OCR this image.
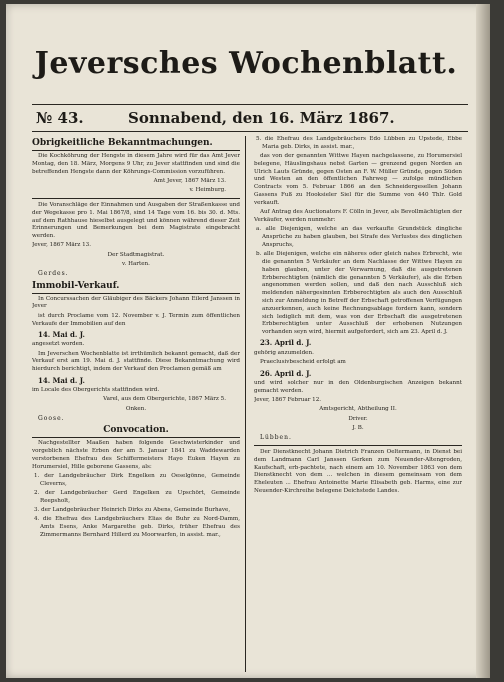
Jeversches Wochenblatt.
№ 43.	Sonnabend, den 16. März 1867.
Obrigkeitliche Bekanntmachungen.

Die Kochköhrung der Hengste in diesem Jahre wird für das Amt Jever Montag, den 18. März, Morgens 9 Uhr, zu Jever stattfinden und sind die betreffenden Hengste dann der Köhrungs-Commission vorzuführen.

Amt Jever, 1867 März 13.

v. Heimburg.

Die Voranschläge der Einnahmen und Ausgaben der Straßenkasse und der Wegekasse pro 1. Mai 1867/8, sind 14 Tage vom 16. bis 30. d. Mts. auf dem Rathhause hieselbst ausgelegt und können während dieser Zeit Erinnerungen und Bemerkungen bei dem Magistrate eingebracht werden.

Jever, 1867 März 13.

Der Stadtmagistrat.

v. Harten.

Gerdes.

Immobil-Verkauf.

In Concurssachen der Gläubiger des Bäckers Johann Eilerd Janssen in Jever

ist durch Proclame vom 12. November v. J. Termin zum öffentlichen Verkaufe der Immobilien auf den

14. Mai d. J.

angesetzt worden.

Im Jeverschen Wochenblatte ist irrthümlich bekannt gemacht, daß der Verkauf erst am 19. Mai d. J. stattfinde. Diese Bekanntmachung wird hierdurch berichtigt, indem der Verkauf den Proclamen gemäß am

14. Mai d. J.

im Locale des Obergerichts stattfinden wird.

Varel, aus dem Obergerichte, 1867 März 5.

Onken.

Goose.

Convocation.

Nachgestellter Maaßen haben folgende Geschwisterkinder und vorgeblich nächste Erben der am 5. Januar 1841 zu Waddewarden verstorbenen Ehefrau des Schiffermeisters Hayo Euken Hayen zu Horumersiel, Hille geborene Gassens, als:

1. der Landgebräucher Dirk Engelken zu Oeselgönne, Gemeinde Cleverns,

2. der Landgebräucher Gerd Engelken zu Upschört, Gemeinde Reepsholt,

3. der Landgebräucher Heinrich Dirks zu Abens, Gemeinde Burhave,

4. die Ehefrau des Landgebräuchers Elias de Buhr zu Nord-Damm, Amts Esens, Anke Margarethe geb. Dirks, früher Ehefrau des Zimmermanns Bernhard Hillerd zu Moorwarfen, in assist. mar.,

5. die Ehefrau des Landgebräuchers Edo Lübben zu Upstede, Ebbe Maria geb. Dirks, in assist. mar.,

das von der genannten Wittwe Hayen nachgelassene, zu Horumersiel belegene, Häuslingshaus nebst Garten — grenzend gegen Norden an Ulrich Lauts Gründe, gegen Osten an F. W. Müller Gründe, gegen Süden und Westen an den öffentlichen Fahrweg — zufolge mündlichen Contracts vom 5. Februar 1866 an den Schneidergesellen Johann Gassens Fuß zu Hooksieler Siel für die Summe von 440 Thlr. Gold verkauft.

Auf Antrag des Auctionators F. Cölln in Jever, als Bevollmächtigten der Verkäufer, werden nunmehr:

a. alle Diejenigen, welche an das verkaufte Grundstück dingliche Ansprüche zu haben glauben, bei Strafe des Verlustes des dinglichen Anspruchs,

b. alle Diejenigen, welche ein näheres oder gleich nahes Erbrecht, wie die genannten 5 Verkäufer an dem Nachlasse der Wittwe Hayen zu haben glauben, unter der Verwarnung, daß die ausgetretenen Erbberechtigten (nämlich die genannten 5 Verkäufer), als die Erben angenommen werden sollen, und daß den nach Ausschluß sich meldenden nähergesinnten Erbberechtigten als auch den Ausschluß sich zur Anmeldung in Betreff der Erbschaft getroffenen Verfügungen anzuerkennen, auch keine Rechnungsablage fordern kann, sondern sich lediglich mit dem, was von der Erbschaft die ausgetretenen Erbberechtigten unter Ausschluß der erhobenen Nutzungen vorhanden seyn wird, hiermit aufgefordert, sich am 23. April d. J.

23. April d. J.

gehörig anzumelden.

Praeclusivbescheid erfolgt am

26. April d. J.

und wird solcher nur in den Oldenburgischen Anzeigen bekannt gemacht werden.

Jever, 1867 Februar 12.

Amtsgericht, Abtheilung II.

Driver.

J. B.

Lübben.

Der Dienstknecht Johann Dietrich Franzen Oeltermann, in Dienst bei dem Landmann Carl Janssen Gerken zum Neuender-Altengroden, Kaufschaft, erb-pachtete, nach einem am 10. November 1863 von dem Dienstknecht von dem ... welchen in diesem gemeinsam von dem Eheleuten ... Ehefrau Antoinette Marie Elisabeth geb. Harms, eine zur Neuender-Kirchreihe belegene Deichstede Landes.
